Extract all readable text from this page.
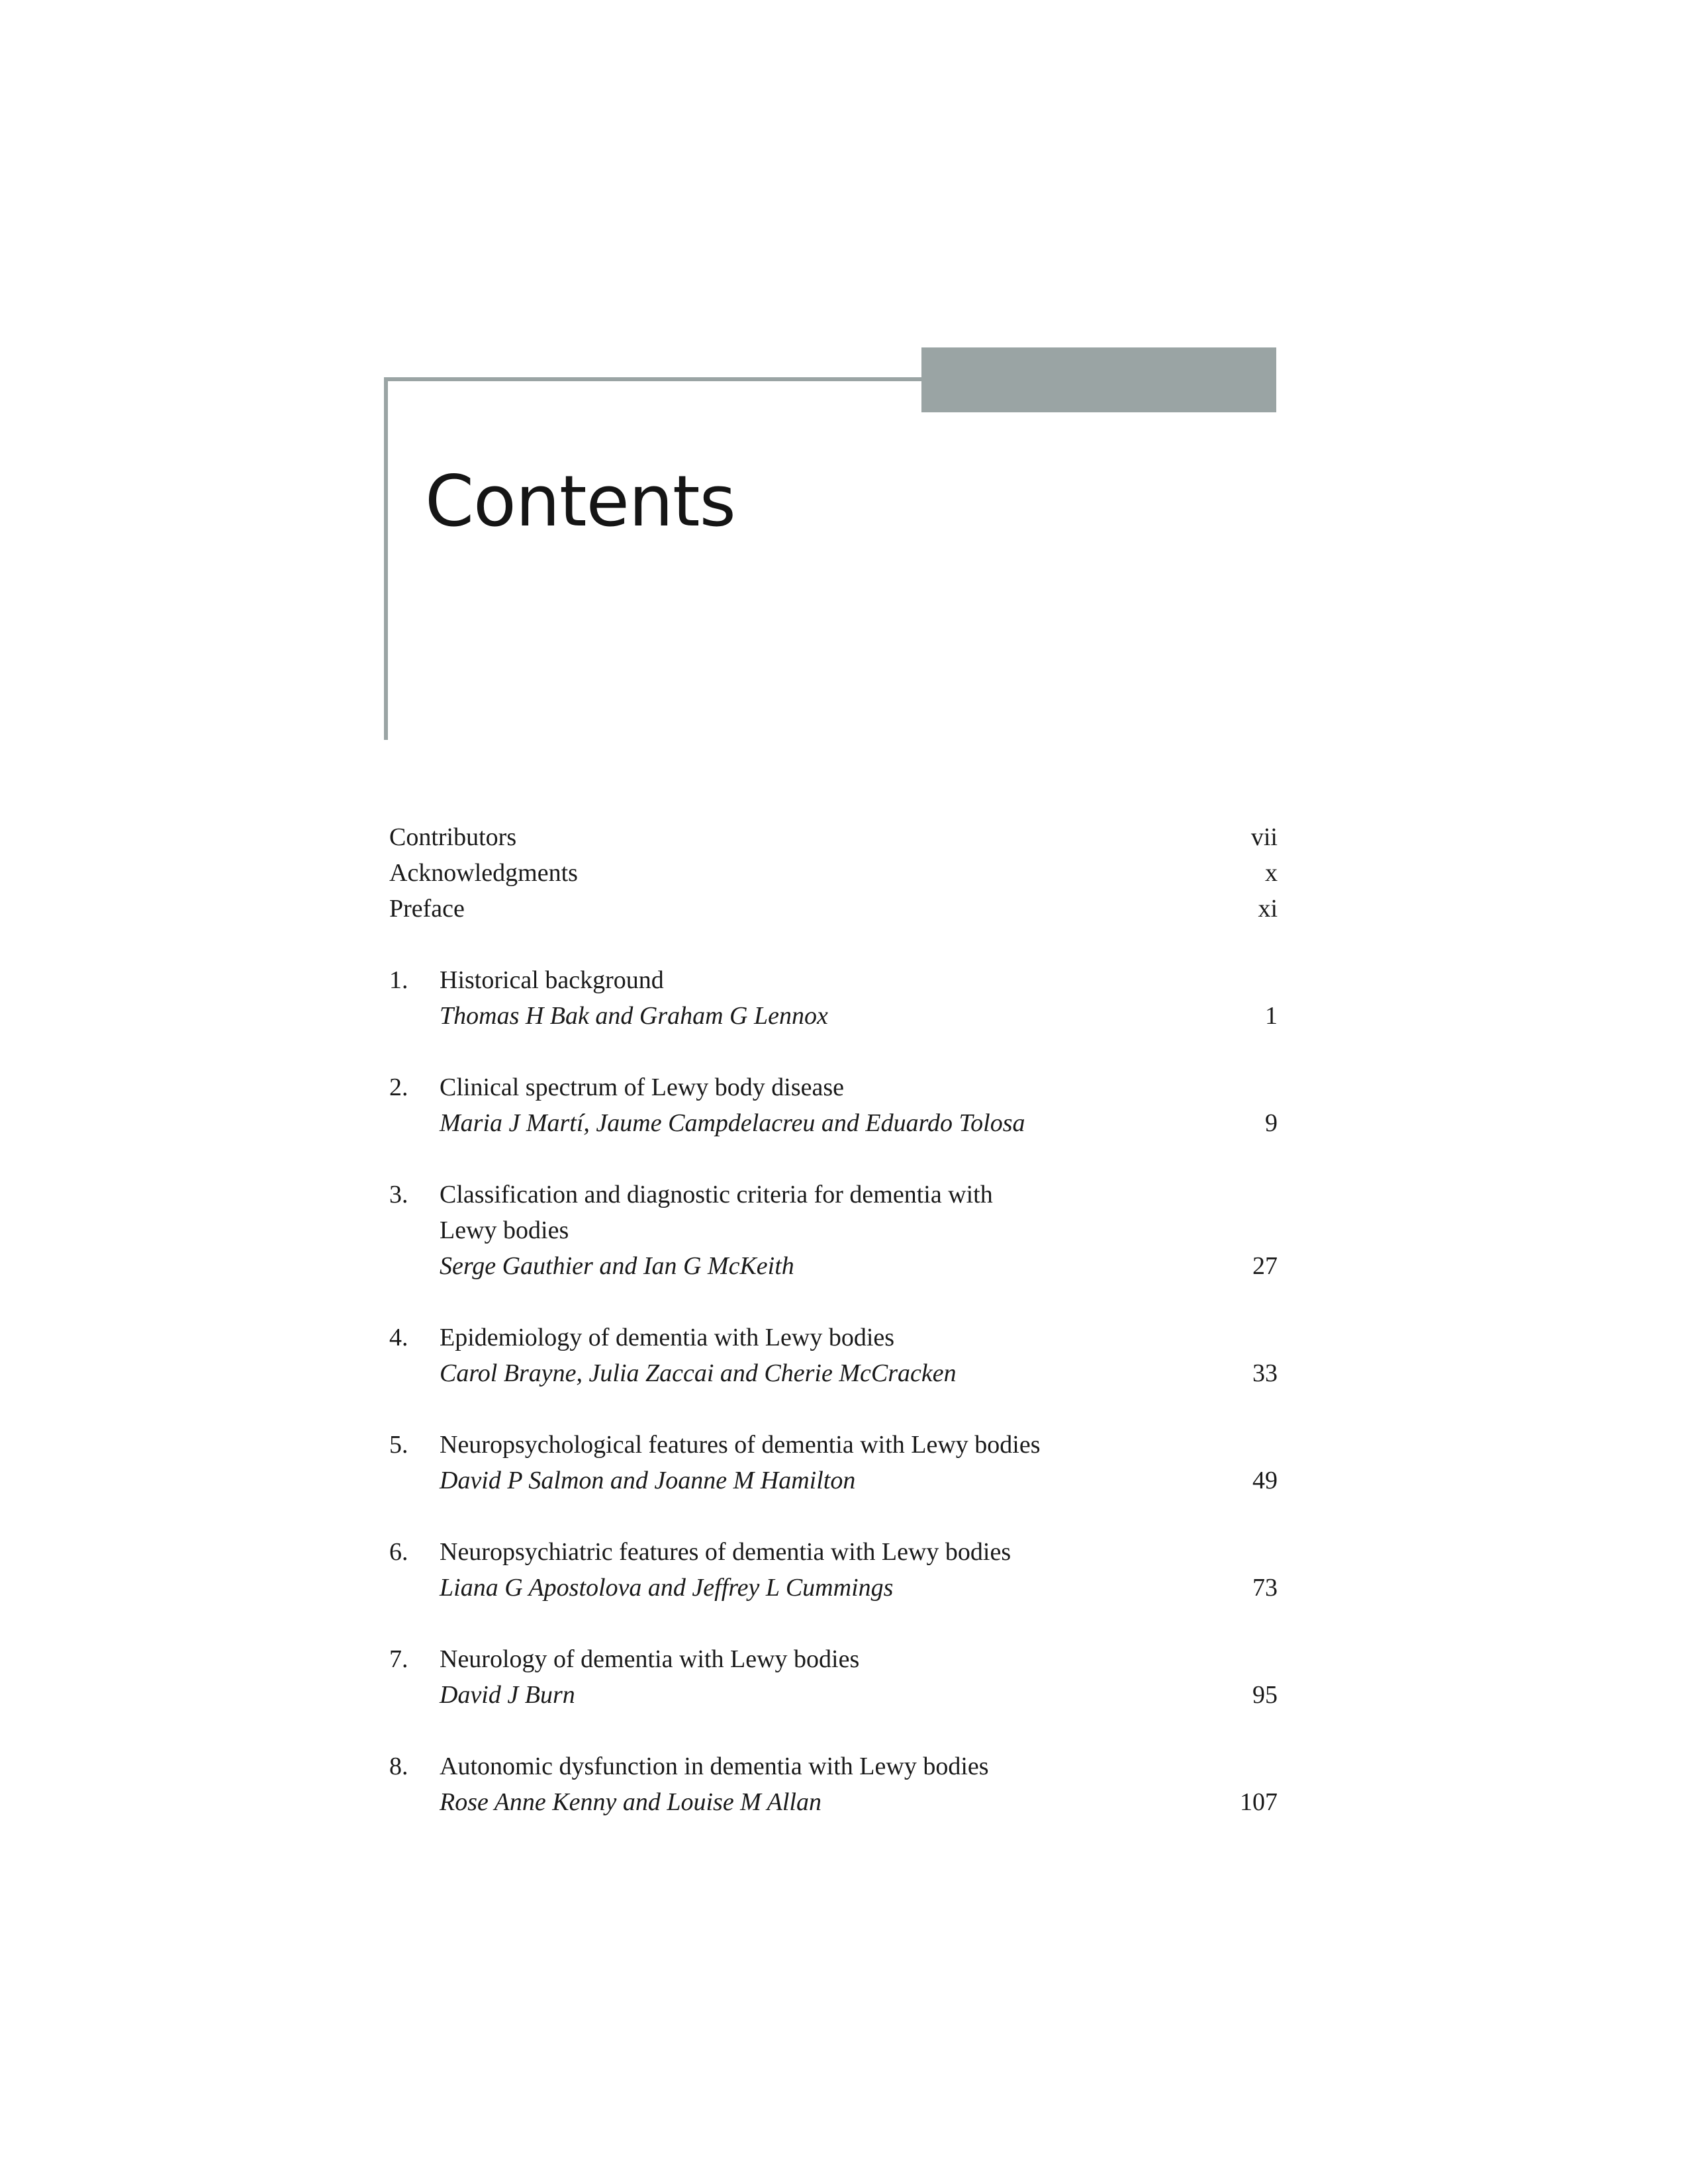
Contents
Contributors	vii
Acknowledgments	x
Preface	xi
1. Historical background
Thomas H Bak and Graham G Lennox	1
2. Clinical spectrum of Lewy body disease
Maria J Martí, Jaume Campdelacreu and Eduardo Tolosa	9
3. Classification and diagnostic criteria for dementia with
Lewy bodies
Serge Gauthier and Ian G McKeith	27
4. Epidemiology of dementia with Lewy bodies
Carol Brayne, Julia Zaccai and Cherie McCracken	33
5. Neuropsychological features of dementia with Lewy bodies
David P Salmon and Joanne M Hamilton	49
6. Neuropsychiatric features of dementia with Lewy bodies
Liana G Apostolova and Jeffrey L Cummings	73
7. Neurology of dementia with Lewy bodies
David J Burn	95
8. Autonomic dysfunction in dementia with Lewy bodies
Rose Anne Kenny and Louise M Allan	107
